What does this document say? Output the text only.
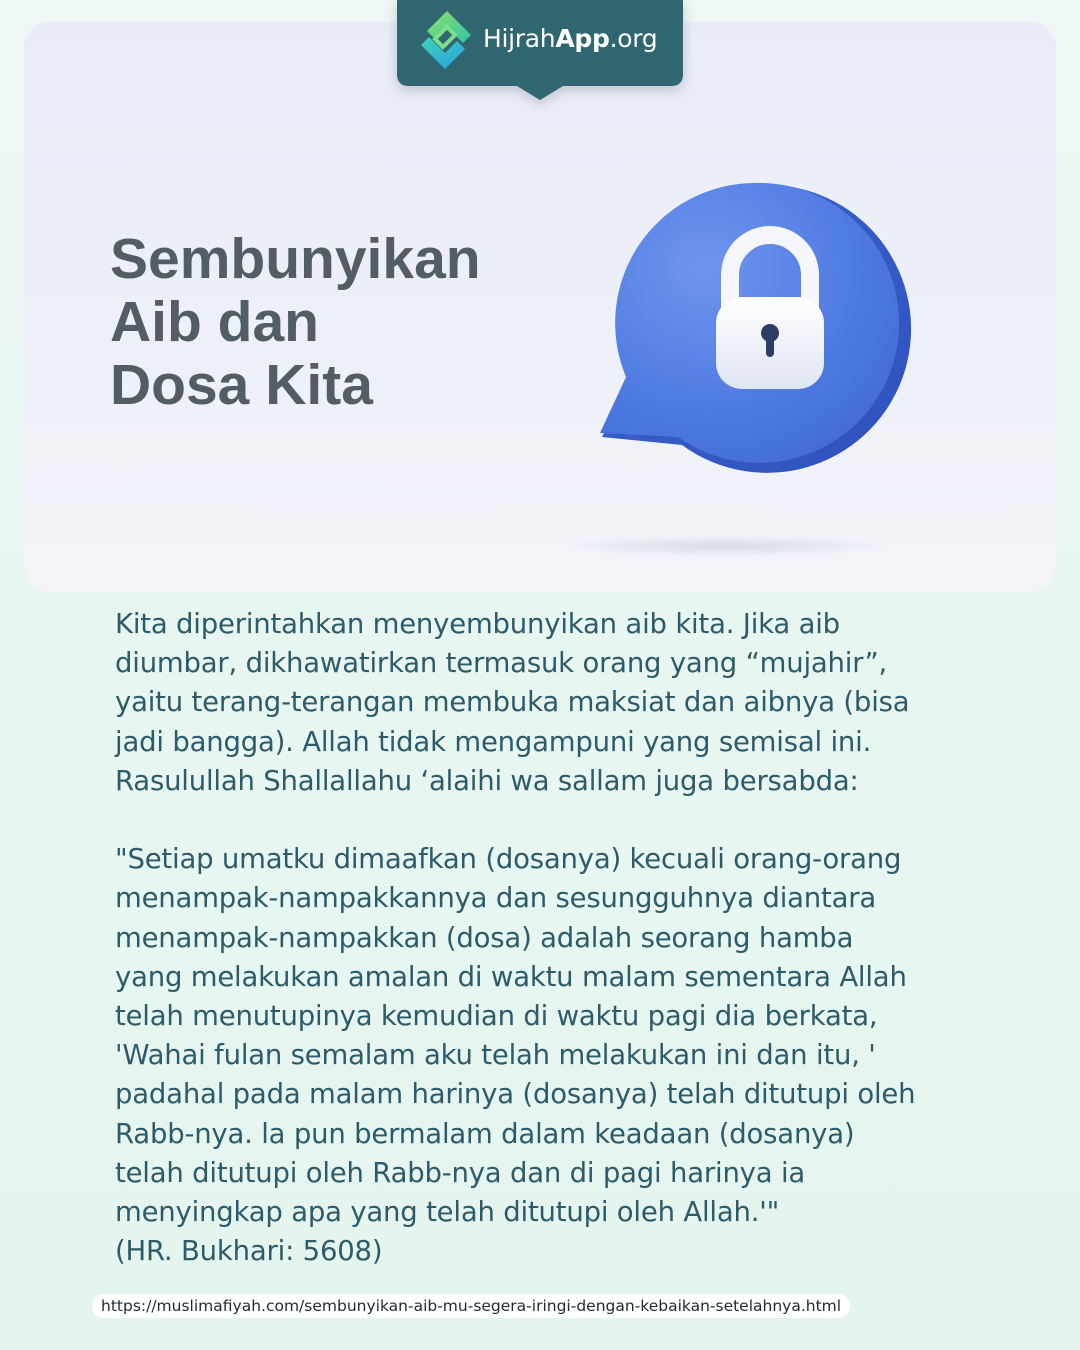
HijrahApp.org
Sembunyikan
Aib dan
Dosa Kita
Kita diperintahkan menyembunyikan aib kita. Jika aib
diumbar, dikhawatirkan termasuk orang yang “mujahir”,
yaitu terang-terangan membuka maksiat dan aibnya (bisa
jadi bangga). Allah tidak mengampuni yang semisal ini.
Rasulullah Shallallahu ‘alaihi wa sallam juga bersabda:
"Setiap umatku dimaafkan (dosanya) kecuali orang-orang
menampak-nampakkannya dan sesungguhnya diantara
menampak-nampakkan (dosa) adalah seorang hamba
yang melakukan amalan di waktu malam sementara Allah
telah menutupinya kemudian di waktu pagi dia berkata,
'Wahai fulan semalam aku telah melakukan ini dan itu, '
padahal pada malam harinya (dosanya) telah ditutupi oleh
Rabb-nya. la pun bermalam dalam keadaan (dosanya)
telah ditutupi oleh Rabb-nya dan di pagi harinya ia
menyingkap apa yang telah ditutupi oleh Allah.'"
(HR. Bukhari: 5608)
https://muslimafiyah.com/sembunyikan-aib-mu-segera-iringi-dengan-kebaikan-setelahnya.html
